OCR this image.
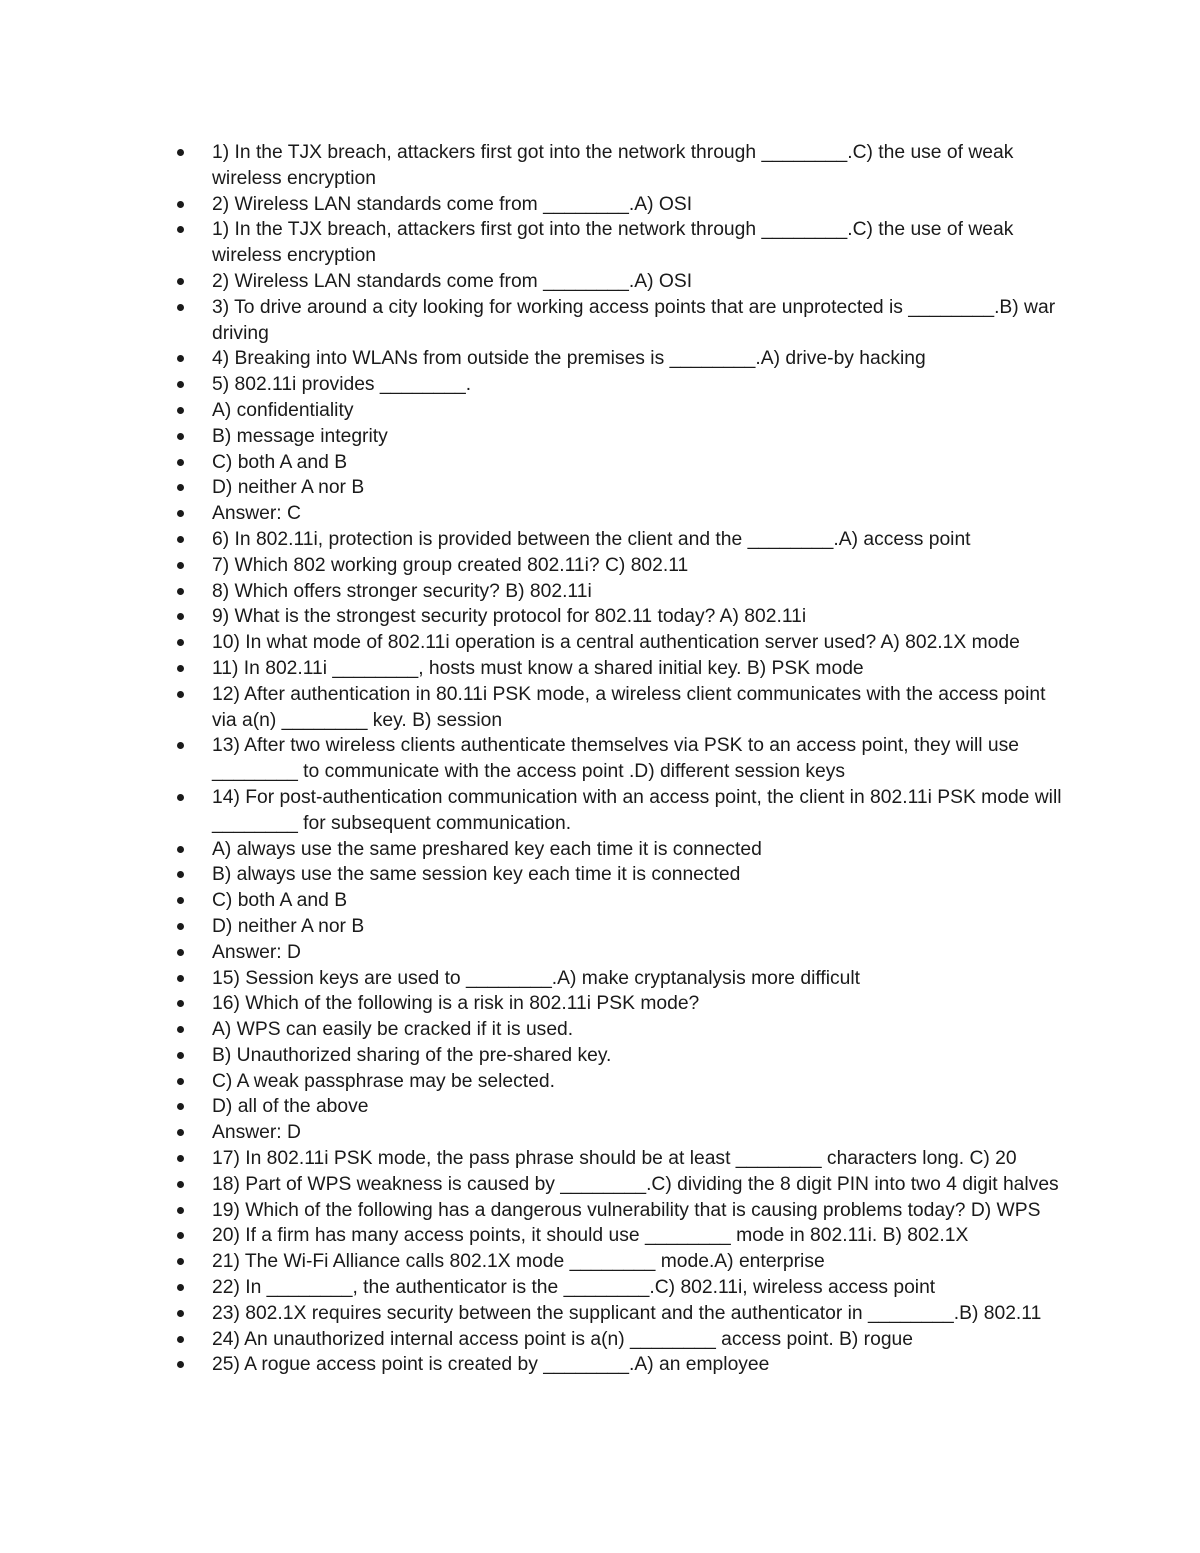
1) In the TJX breach, attackers first got into the network through ________.C) the use of weak wireless encryption
2) Wireless LAN standards come from ________.A) OSI
1) In the TJX breach, attackers first got into the network through ________.C) the use of weak wireless encryption
2) Wireless LAN standards come from ________.A) OSI
3) To drive around a city looking for working access points that are unprotected is ________.B) war driving
4) Breaking into WLANs from outside the premises is ________.A) drive-by hacking
5) 802.11i provides ________.
A) confidentiality
B) message integrity
C) both A and B
D) neither A nor B
Answer: C
6) In 802.11i, protection is provided between the client and the ________.A) access point
7) Which 802 working group created 802.11i? C) 802.11
8) Which offers stronger security? B) 802.11i
9) What is the strongest security protocol for 802.11 today? A) 802.11i
10) In what mode of 802.11i operation is a central authentication server used? A) 802.1X mode
11) In 802.11i ________, hosts must know a shared initial key. B) PSK mode
12) After authentication in 80.11i PSK mode, a wireless client communicates with the access point via a(n) ________ key. B) session
13) After two wireless clients authenticate themselves via PSK to an access point, they will use ________ to communicate with the access point .D) different session keys
14) For post-authentication communication with an access point, the client in 802.11i PSK mode will ________ for subsequent communication.
A) always use the same preshared key each time it is connected
B) always use the same session key each time it is connected
C) both A and B
D) neither A nor B
Answer: D
15) Session keys are used to ________.A) make cryptanalysis more difficult
16) Which of the following is a risk in 802.11i PSK mode?
A) WPS can easily be cracked if it is used.
B) Unauthorized sharing of the pre-shared key.
C) A weak passphrase may be selected.
D) all of the above
Answer: D
17) In 802.11i PSK mode, the pass phrase should be at least ________ characters long. C) 20
18) Part of WPS weakness is caused by ________.C) dividing the 8 digit PIN into two 4 digit halves
19) Which of the following has a dangerous vulnerability that is causing problems today? D) WPS
20) If a firm has many access points, it should use ________ mode in 802.11i. B) 802.1X
21) The Wi-Fi Alliance calls 802.1X mode ________ mode.A) enterprise
22) In ________, the authenticator is the ________.C) 802.11i, wireless access point
23) 802.1X requires security between the supplicant and the authenticator in ________.B) 802.11
24) An unauthorized internal access point is a(n) ________ access point. B) rogue
25) A rogue access point is created by ________.A) an employee
